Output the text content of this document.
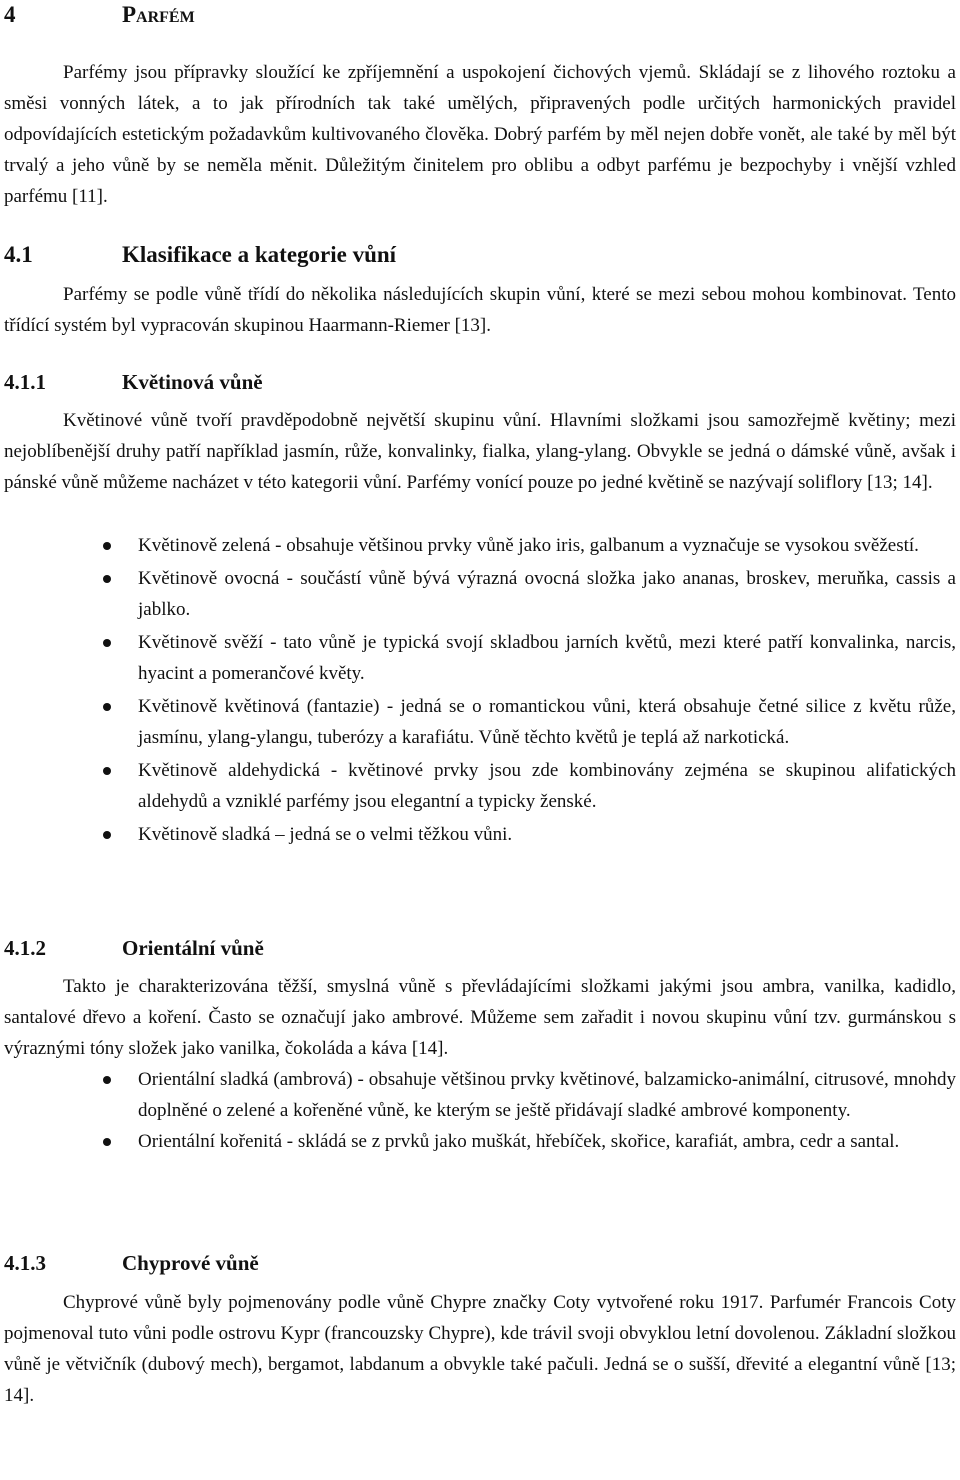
4	Parfém

Parfémy jsou přípravky sloužící ke zpříjemnění a uspokojení čichových vjemů. Skládají se z lihového roztoku a směsi vonných látek, a to jak přírodních tak také umělých, připravených podle určitých harmonických pravidel odpovídajících estetickým požadavkům kultivovaného člověka. Dobrý parfém by měl nejen dobře vonět, ale také by měl být trvalý a jeho vůně by se neměla měnit. Důležitým činitelem pro oblibu a odbyt parfému je bezpochyby i vnější vzhled parfému [11].

4.1	Klasifikace a kategorie vůní

Parfémy se podle vůně třídí do několika následujících skupin vůní, které se mezi sebou mohou kombinovat. Tento třídící systém byl vypracován skupinou Haarmann-Riemer [13].

4.1.1	Květinová vůně

Květinové vůně tvoří pravděpodobně největší skupinu vůní. Hlavními složkami jsou samozřejmě květiny; mezi nejoblíbenější druhy patří například jasmín, růže, konvalinky, fialka, ylang-ylang. Obvykle se jedná o dámské vůně, avšak i pánské vůně můžeme nacházet v této kategorii vůní. Parfémy vonící pouze po jedné květině se nazývají soliflory [13; 14].

Květinově zelená - obsahuje většinou prvky vůně jako iris, galbanum a vyznačuje se vysokou svěžestí.
Květinově ovocná - součástí vůně bývá výrazná ovocná složka jako ananas, broskev, meruňka, cassis a jablko.
Květinově svěží - tato vůně je typická svojí skladbou jarních květů, mezi které patří konvalinka, narcis, hyacint a pomerančové květy.
Květinově květinová (fantazie) - jedná se o romantickou vůni, která obsahuje četné silice z květu růže, jasmínu, ylang-ylangu, tuberózy a karafiátu. Vůně těchto květů je teplá až narkotická.
Květinově aldehydická - květinové prvky jsou zde kombinovány zejména se skupinou alifatických aldehydů a vzniklé parfémy jsou elegantní a typicky ženské.
Květinově sladká – jedná se o velmi těžkou vůni.
4.1.2	Orientální vůně

Takto je charakterizována těžší, smyslná vůně s převládajícími složkami jakými jsou ambra, vanilka, kadidlo, santalové dřevo a koření. Často se označují jako ambrové. Můžeme sem zařadit i novou skupinu vůní tzv. gurmánskou s výraznými tóny složek jako vanilka, čokoláda a káva [14].

Orientální sladká (ambrová) - obsahuje většinou prvky květinové, balzamicko-animální, citrusové, mnohdy doplněné o zelené a kořeněné vůně, ke kterým se ještě přidávají sladké ambrové komponenty.
Orientální kořenitá - skládá se z prvků jako muškát, hřebíček, skořice, karafiát, ambra, cedr a santal.
4.1.3	Chyprové vůně

Chyprové vůně byly pojmenovány podle vůně Chypre značky Coty vytvořené roku 1917. Parfumér Francois Coty pojmenoval tuto vůni podle ostrovu Kypr (francouzsky Chypre), kde trávil svoji obvyklou letní dovolenou. Základní složkou vůně je větvičník (dubový mech), bergamot, labdanum a obvykle také pačuli. Jedná se o sušší, dřevité a elegantní vůně [13; 14].
